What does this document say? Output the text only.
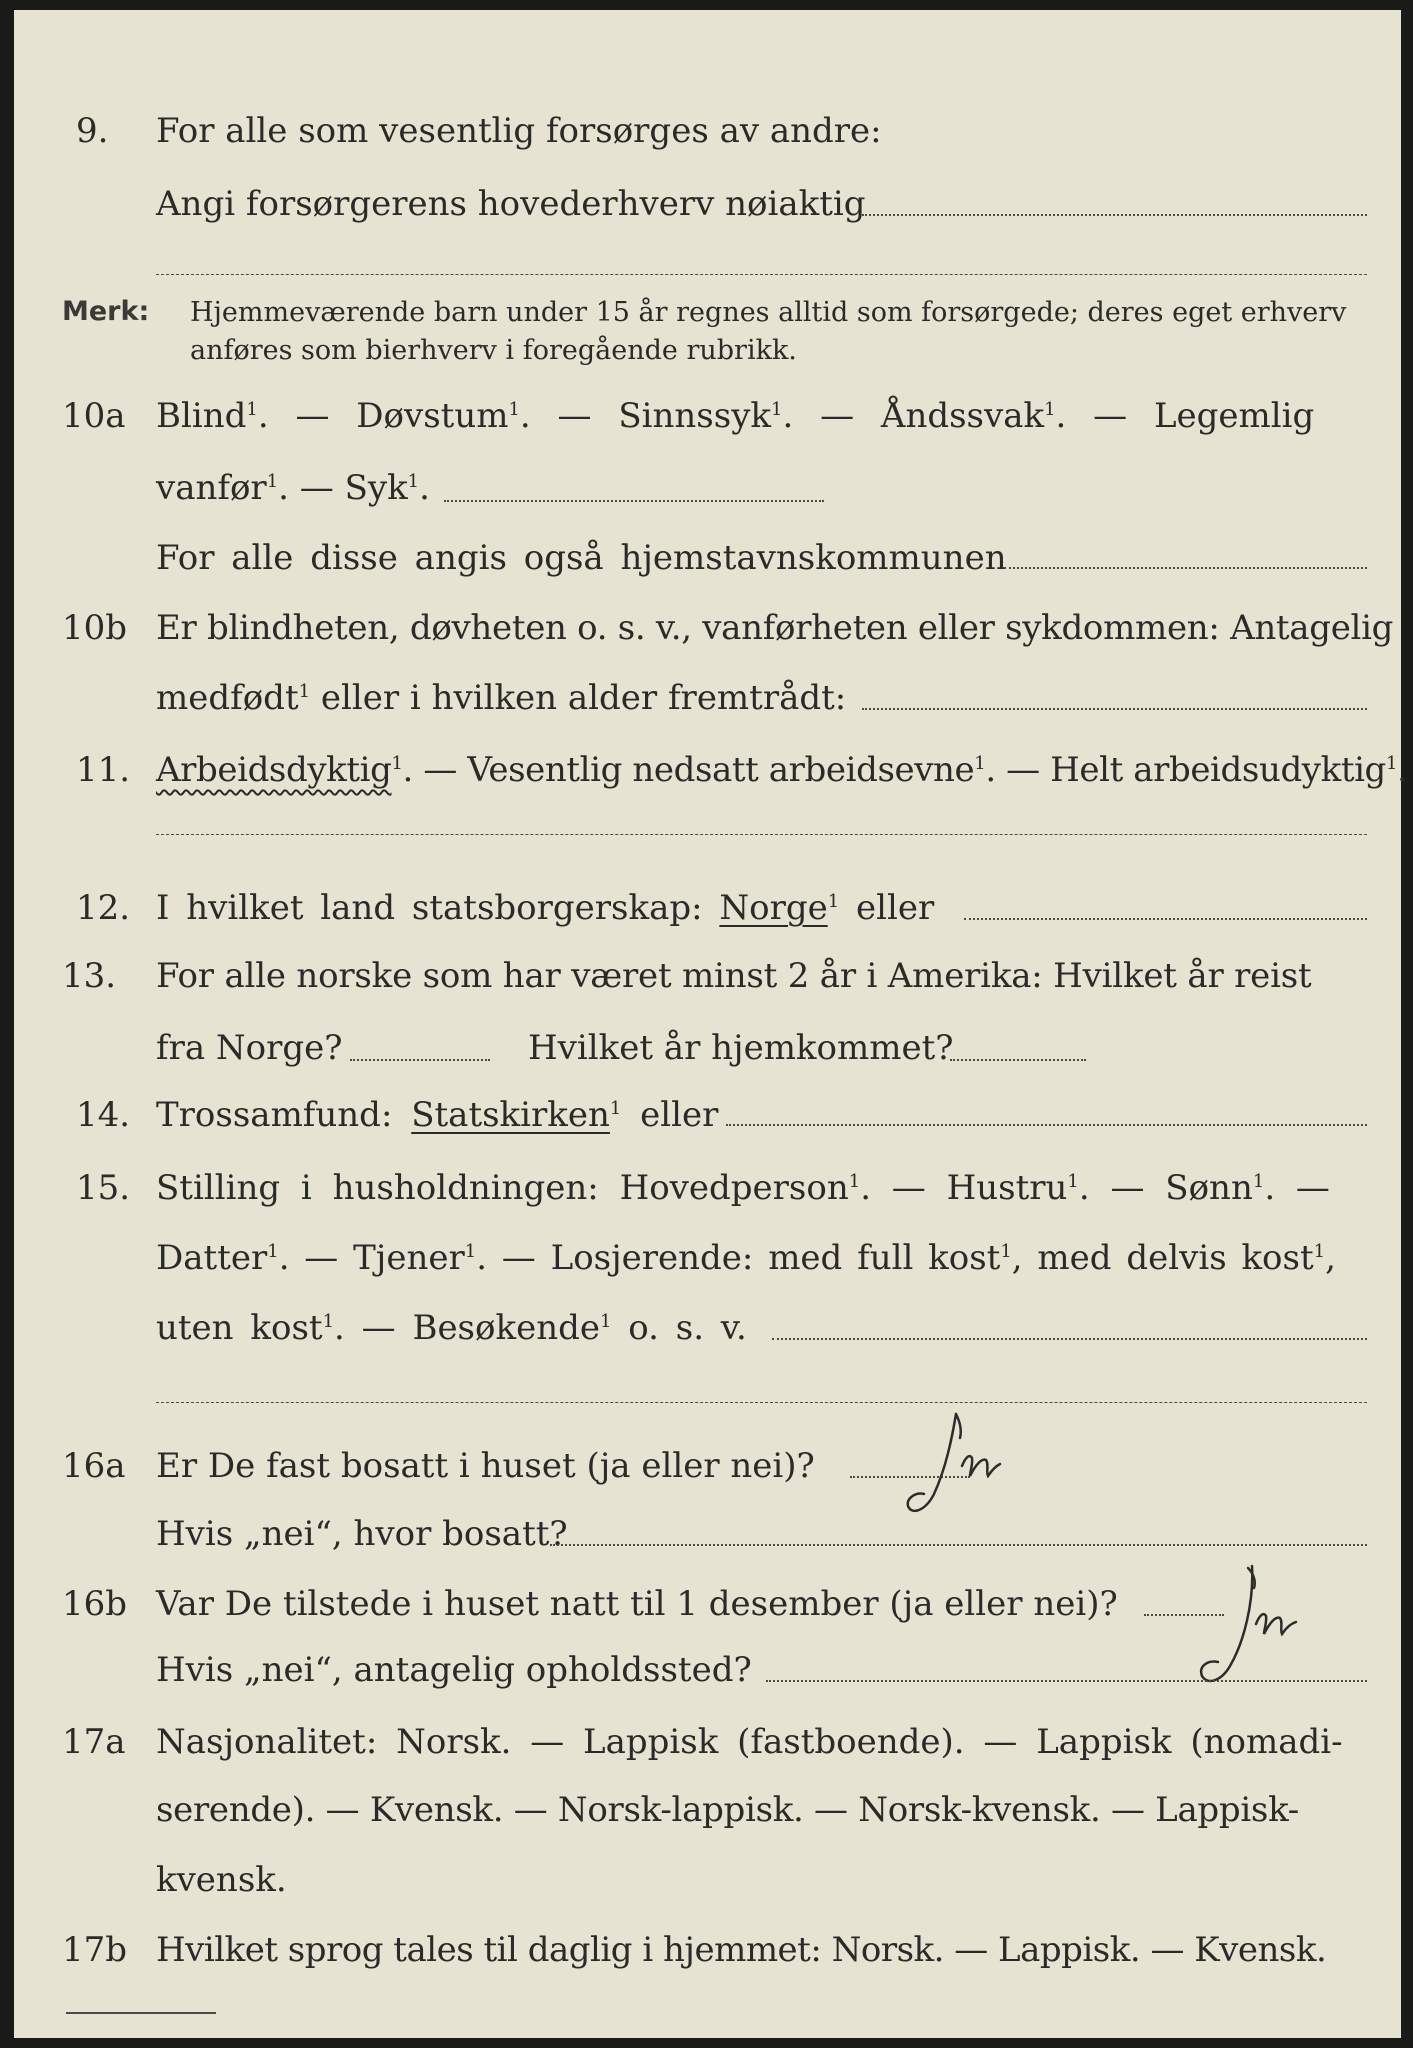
9. For alle som vesentlig forsørges av andre:
Angi forsørgerens hovederhverv nøiaktig
Merk: Hjemmeværende barn under 15 år regnes alltid som forsørgede; deres eget erhverv
anføres som bierhverv i foregående rubrikk.
10a Blind$^1$. — Døvstum$^1$. — Sinnssyk$^1$. — Åndssvak$^1$. — Legemlig
vanfør$^1$. — Syk$^1$.
For alle disse angis også hjemstavnskommunen
10b Er blindheten, døvheten o. s. v., vanførheten eller sykdommen: Antagelig
medfødt$^1$ eller i hvilken alder fremtrådt:
11. Arbeidsdyktig$^1$. — Vesentlig nedsatt arbeidsevne$^1$. — Helt arbeidsudyktig$^1$.
12. I hvilket land statsborgerskap: Norge$^1$ eller
13. For alle norske som har været minst 2 år i Amerika: Hvilket år reist
fra Norge?	Hvilket år hjemkommet?
14. Trossamfund: Statskirken$^1$ eller
15. Stilling i husholdningen: Hovedperson$^1$. — Hustru$^1$. — Sønn$^1$. —
Datter$^1$. — Tjener$^1$. — Losjerende: med full kost$^1$, med delvis kost$^1$,
uten kost$^1$. — Besøkende$^1$ o. s. v.
16a Er De fast bosatt i huset (ja eller nei)?
Hvis „nei“, hvor bosatt?
16b Var De tilstede i huset natt til 1 desember (ja eller nei)?
Hvis „nei“, antagelig opholdssted?
17a Nasjonalitet: Norsk. — Lappisk (fastboende). — Lappisk (nomadi-
serende). — Kvensk. — Norsk-lappisk. — Norsk-kvensk. — Lappisk-
kvensk.
17b Hvilket sprog tales til daglig i hjemmet: Norsk. — Lappisk. — Kvensk.
